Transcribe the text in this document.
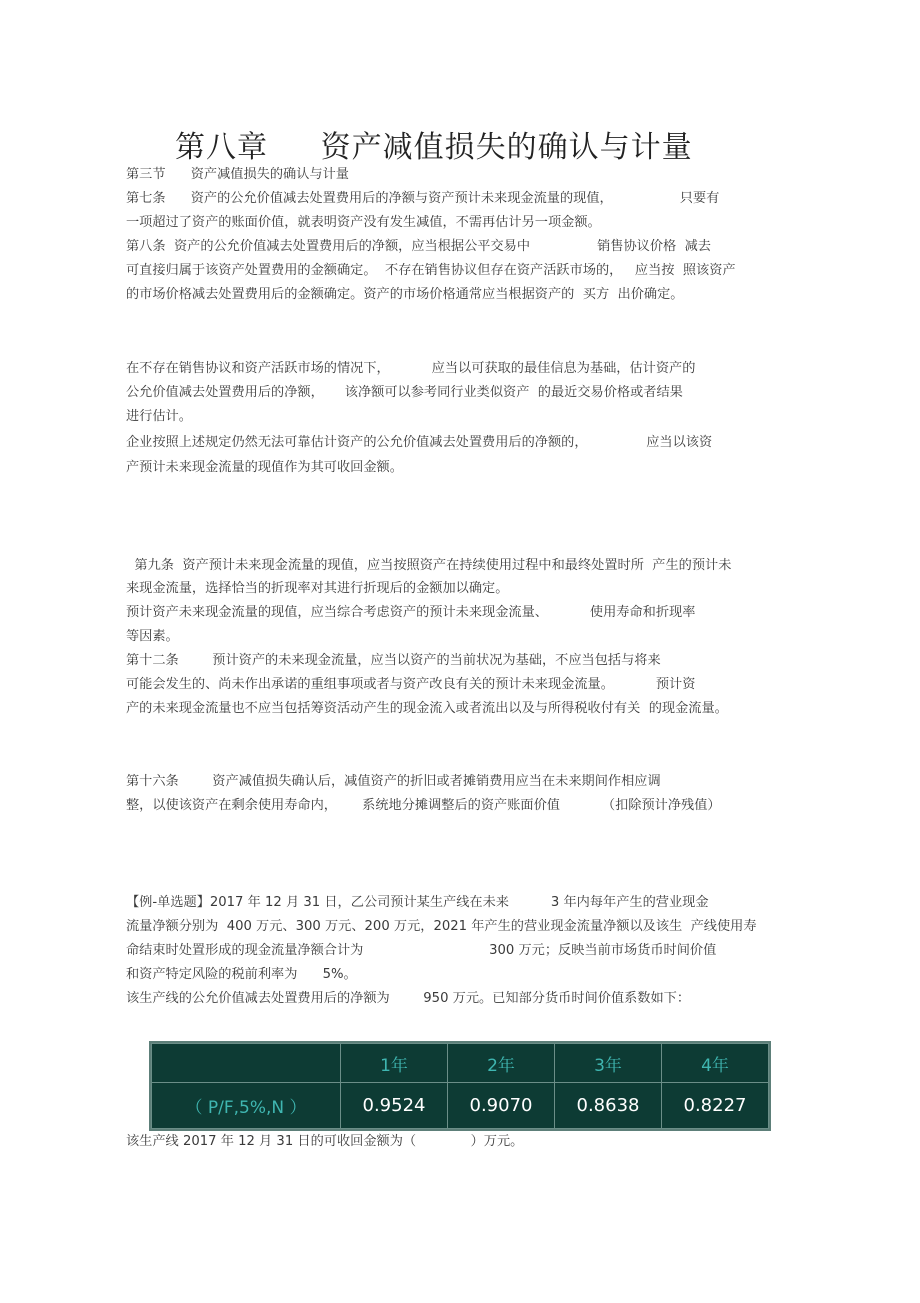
第八章     资产减值损失的确认与计量
第三节      资产减值损失的确认与计量
第七条      资产的公允价值减去处置费用后的净额与资产预计未来现金流量的现值，                只要有
一项超过了资产的账面价值，就表明资产没有发生减值，不需再估计另一项金额。
第八条  资产的公允价值减去处置费用后的净额，应当根据公平交易中                销售协议价格  减去
可直接归属于该资产处置费用的金额确定。  不存在销售协议但存在资产活跃市场的，   应当按  照该资产
的市场价格减去处置费用后的金额确定。资产的市场价格通常应当根据资产的  买方  出价确定。
在不存在销售协议和资产活跃市场的情况下，          应当以可获取的最佳信息为基础，估计资产的
公允价值减去处置费用后的净额，     该净额可以参考同行业类似资产  的最近交易价格或者结果
进行估计。
企业按照上述规定仍然无法可靠估计资产的公允价值减去处置费用后的净额的，              应当以该资
产预计未来现金流量的现值作为其可收回金额。
第九条  资产预计未来现金流量的现值，应当按照资产在持续使用过程中和最终处置时所  产生的预计未
来现金流量，选择恰当的折现率对其进行折现后的金额加以确定。
预计资产未来现金流量的现值，应当综合考虑资产的预计未来现金流量、          使用寿命和折现率
等因素。
第十二条        预计资产的未来现金流量，应当以资产的当前状况为基础，不应当包括与将来
可能会发生的、尚未作出承诺的重组事项或者与资产改良有关的预计未来现金流量。          预计资
产的未来现金流量也不应当包括筹资活动产生的现金流入或者流出以及与所得税收付有关  的现金流量。
第十六条        资产减值损失确认后，减值资产的折旧或者摊销费用应当在未来期间作相应调
整，以使该资产在剩余使用寿命内，      系统地分摊调整后的资产账面价值          （扣除预计净残值）
【例-单选题】2017 年 12 月 31 日，乙公司预计某生产线在未来          3 年内每年产生的营业现金
流量净额分别为  400 万元、300 万元、200 万元，2021 年产生的营业现金流量净额以及该生  产线使用寿
命结束时处置形成的现金流量净额合计为                              300 万元；反映当前市场货币时间价值
和资产特定风险的税前利率为      5%。
该生产线的公允价值减去处置费用后的净额为        950 万元。已知部分货币时间价值系数如下：
	1年	2年	3年	4年
（ P/F,5%,N ）	0.9524	0.9070	0.8638	0.8227
该生产线 2017 年 12 月 31 日的可收回金额为（             ）万元。
